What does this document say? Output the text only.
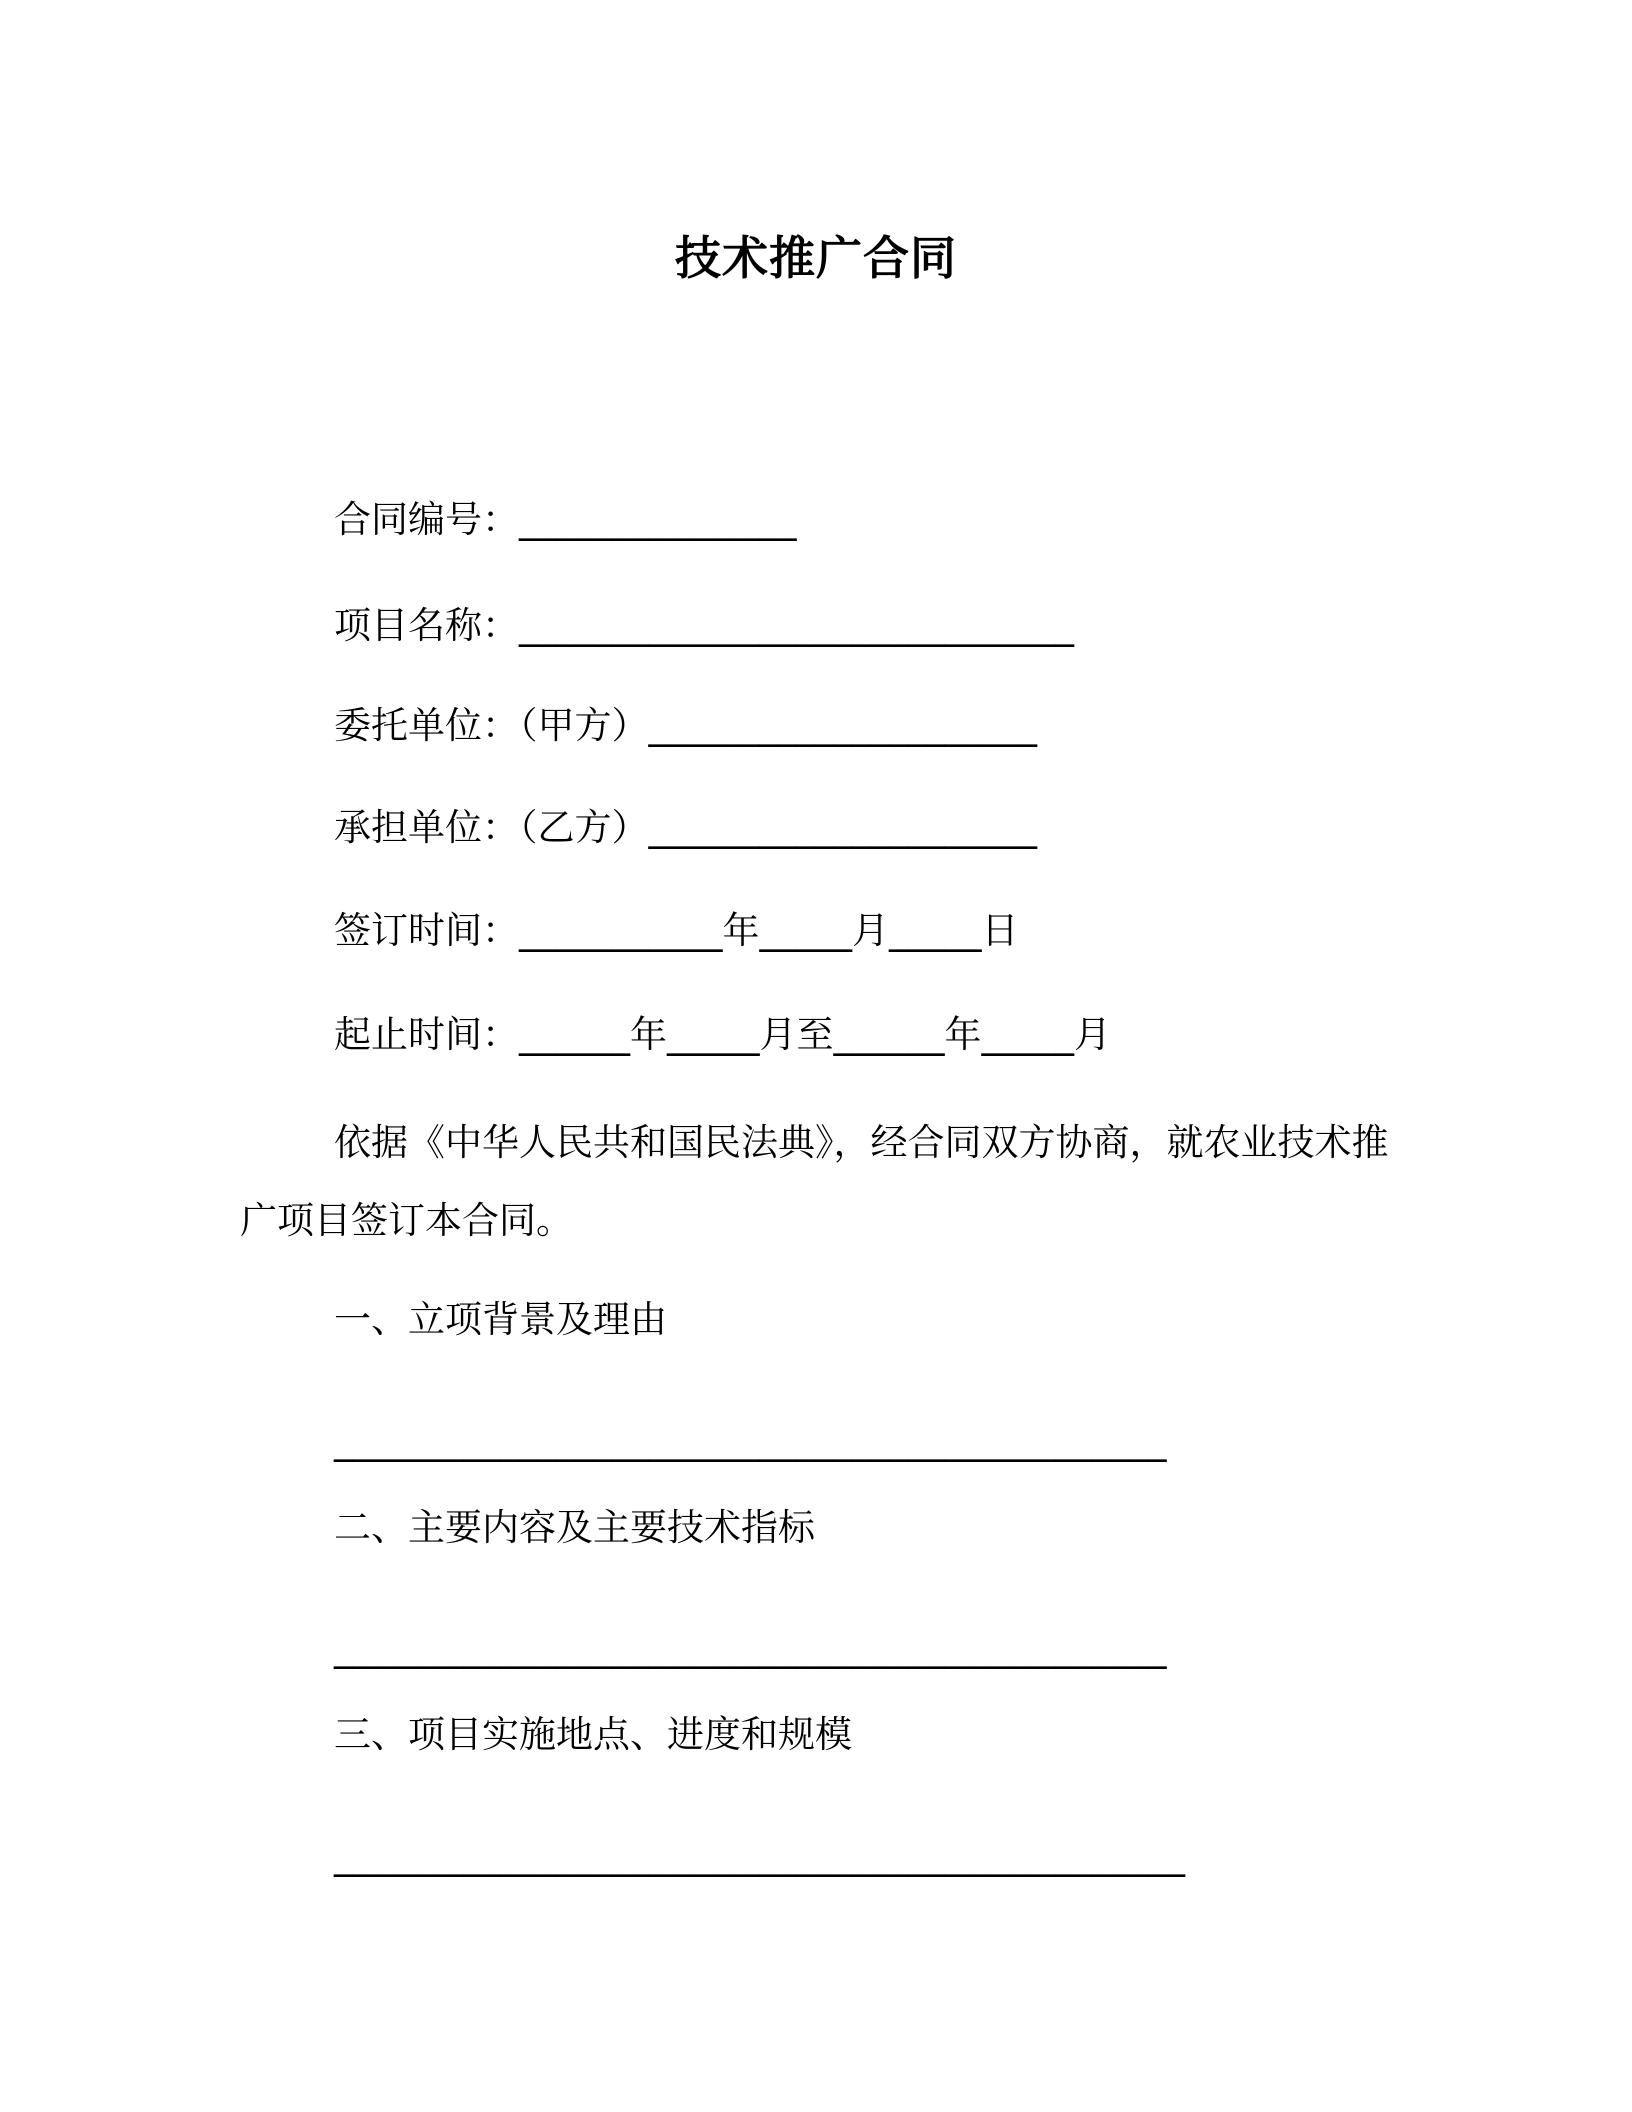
技术推广合同

合同编号：_______________

项目名称：______________________________

委托单位：（甲方）_____________________

承担单位：（乙方）_____________________

签订时间：___________年_____月_____日

起止时间：______年_____月至______年_____月

依据《中华人民共和国民法典》，经合同双方协商，就农业技术推广项目签订本合同。

一、立项背景及理由

_____________________________________________

二、主要内容及主要技术指标

_____________________________________________

三、项目实施地点、进度和规模

______________________________________________
